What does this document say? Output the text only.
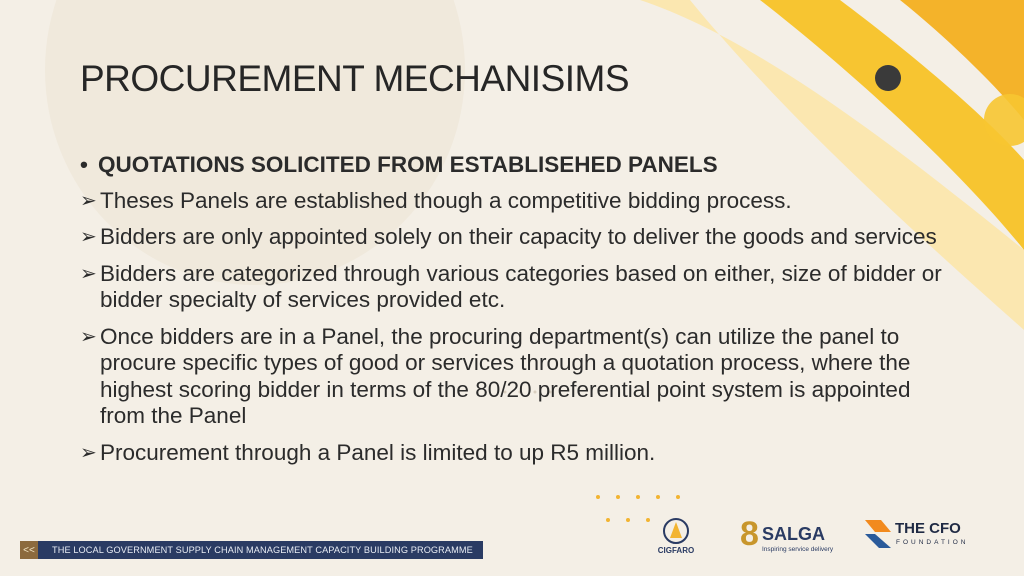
PROCUREMENT MECHANISIMS
• QUOTATIONS SOLICITED FROM ESTABLISEHED PANELS
➢ Theses Panels are established though a competitive bidding process.
➢ Bidders are only appointed solely on their capacity to deliver the goods and services
➢ Bidders are categorized through various categories based on either, size of bidder or bidder specialty of services provided etc.
➢ Once bidders are in a Panel, the procuring department(s) can utilize the panel to procure specific types of good or services through a quotation process, where the highest scoring bidder in terms of the 80/20 preferential point system is appointed from the Panel
➢ Procurement through a Panel is limited to up R5 million.
<<	THE LOCAL GOVERNMENT SUPPLY CHAIN MANAGEMENT CAPACITY BUILDING PROGRAMME	CIGFARO 8 SALGA
Inspiring service delivery
THE CFO
FOUNDATION
